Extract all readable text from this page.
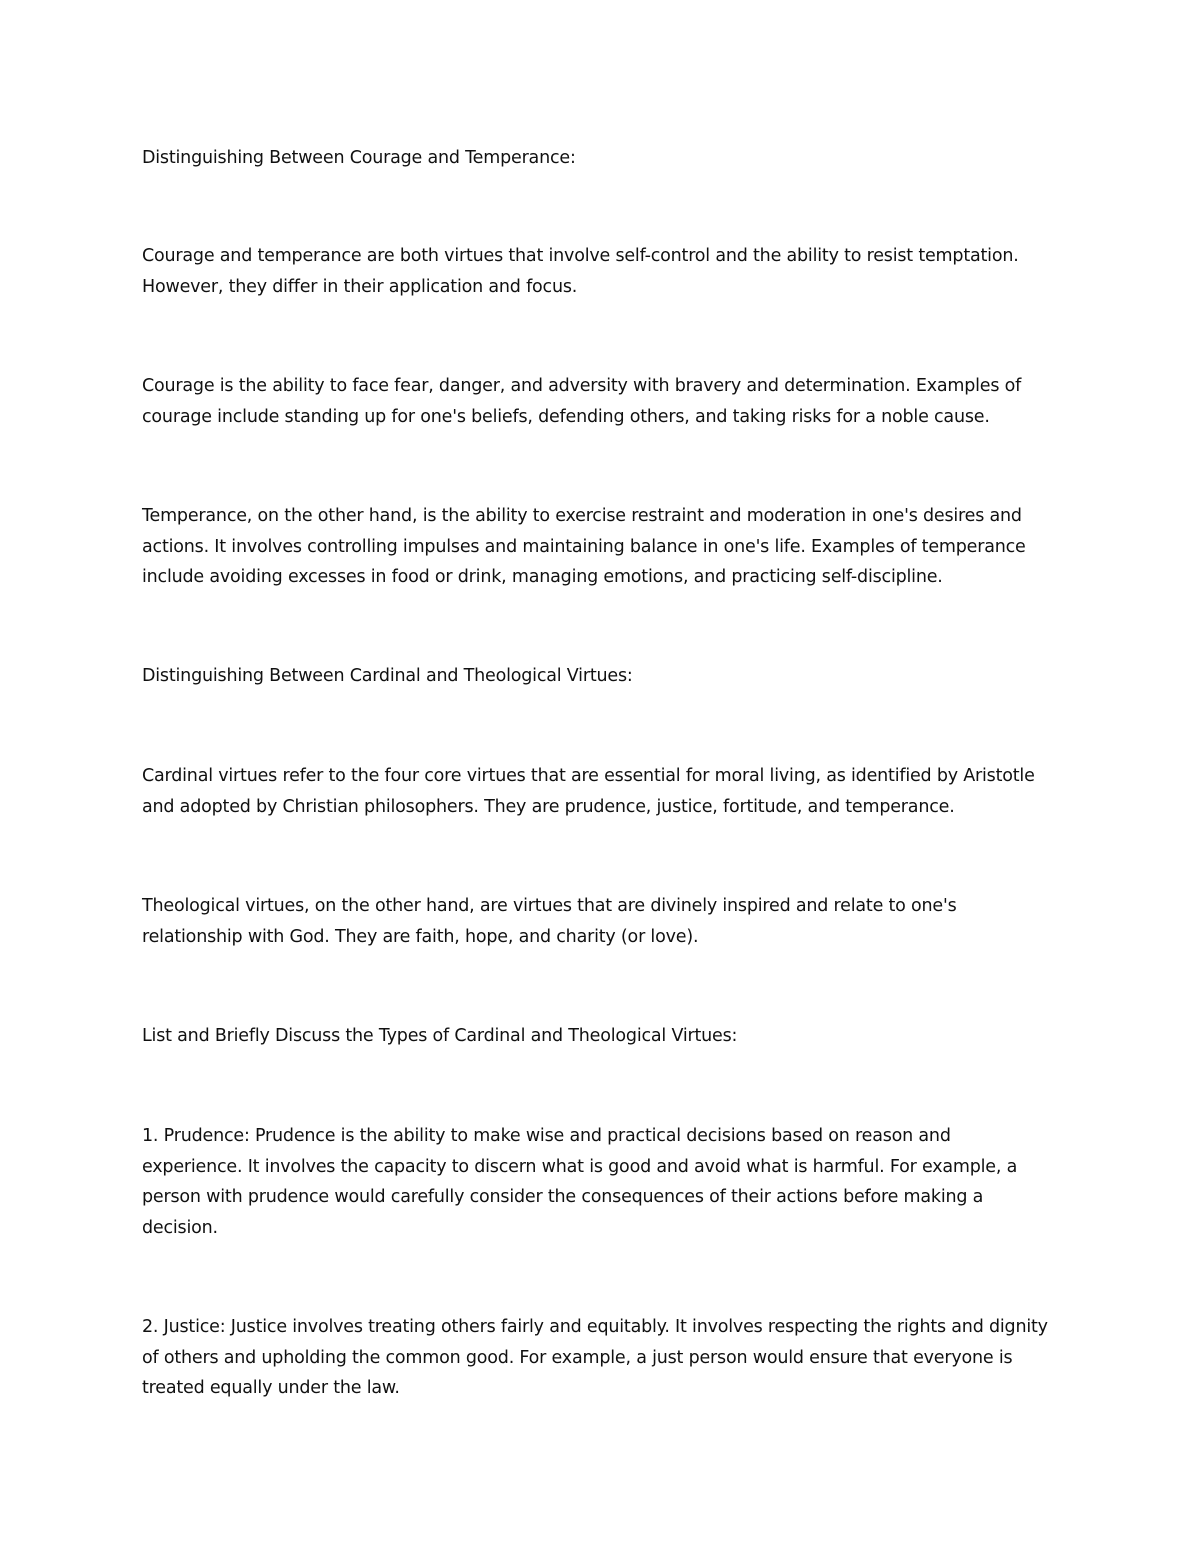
Distinguishing Between Courage and Temperance:

Courage and temperance are both virtues that involve self-control and the ability to resist temptation.
However, they differ in their application and focus.

Courage is the ability to face fear, danger, and adversity with bravery and determination. Examples of
courage include standing up for one's beliefs, defending others, and taking risks for a noble cause.

Temperance, on the other hand, is the ability to exercise restraint and moderation in one's desires and
actions. It involves controlling impulses and maintaining balance in one's life. Examples of temperance
include avoiding excesses in food or drink, managing emotions, and practicing self-discipline.

Distinguishing Between Cardinal and Theological Virtues:

Cardinal virtues refer to the four core virtues that are essential for moral living, as identified by Aristotle
and adopted by Christian philosophers. They are prudence, justice, fortitude, and temperance.

Theological virtues, on the other hand, are virtues that are divinely inspired and relate to one's
relationship with God. They are faith, hope, and charity (or love).

List and Briefly Discuss the Types of Cardinal and Theological Virtues:

1. Prudence: Prudence is the ability to make wise and practical decisions based on reason and
experience. It involves the capacity to discern what is good and avoid what is harmful. For example, a
person with prudence would carefully consider the consequences of their actions before making a
decision.

2. Justice: Justice involves treating others fairly and equitably. It involves respecting the rights and dignity
of others and upholding the common good. For example, a just person would ensure that everyone is
treated equally under the law.
